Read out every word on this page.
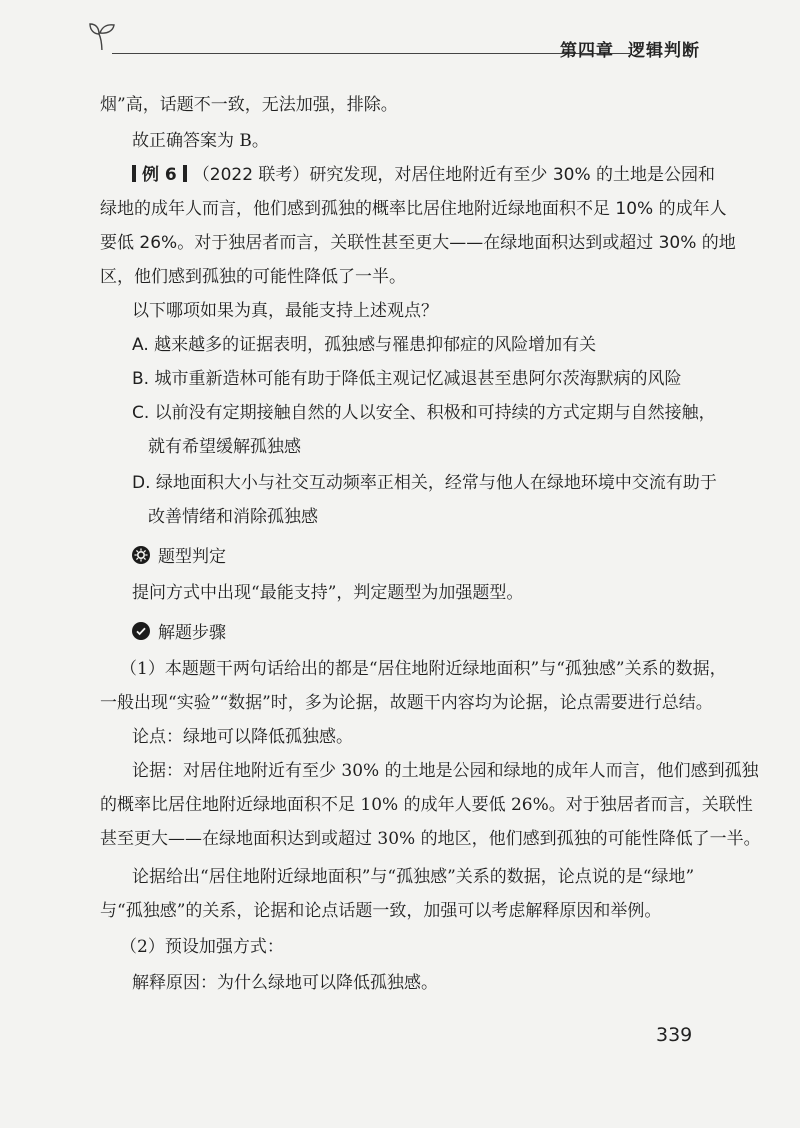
第四章 逻辑判断

烟”高，话题不一致，无法加强，排除。

故正确答案为 B。

例 6 （2022 联考）研究发现，对居住地附近有至少 30% 的土地是公园和

绿地的成年人而言，他们感到孤独的概率比居住地附近绿地面积不足 10% 的成年人

要低 26%。对于独居者而言，关联性甚至更大——在绿地面积达到或超过 30% 的地

区，他们感到孤独的可能性降低了一半。

以下哪项如果为真，最能支持上述观点？

A. 越来越多的证据表明，孤独感与罹患抑郁症的风险增加有关

B. 城市重新造林可能有助于降低主观记忆减退甚至患阿尔茨海默病的风险

C. 以前没有定期接触自然的人以安全、积极和可持续的方式定期与自然接触，

就有希望缓解孤独感

D. 绿地面积大小与社交互动频率正相关，经常与他人在绿地环境中交流有助于

改善情绪和消除孤独感

题型判定

提问方式中出现“最能支持”，判定题型为加强题型。

解题步骤

（1）本题题干两句话给出的都是“居住地附近绿地面积”与“孤独感”关系的数据，

一般出现“实验”“数据”时，多为论据，故题干内容均为论据，论点需要进行总结。

论点：绿地可以降低孤独感。

论据：对居住地附近有至少 30% 的土地是公园和绿地的成年人而言，他们感到孤独

的概率比居住地附近绿地面积不足 10% 的成年人要低 26%。对于独居者而言，关联性

甚至更大——在绿地面积达到或超过 30% 的地区，他们感到孤独的可能性降低了一半。

论据给出“居住地附近绿地面积”与“孤独感”关系的数据，论点说的是“绿地”

与“孤独感”的关系，论据和论点话题一致，加强可以考虑解释原因和举例。

（2）预设加强方式：

解释原因：为什么绿地可以降低孤独感。

339
